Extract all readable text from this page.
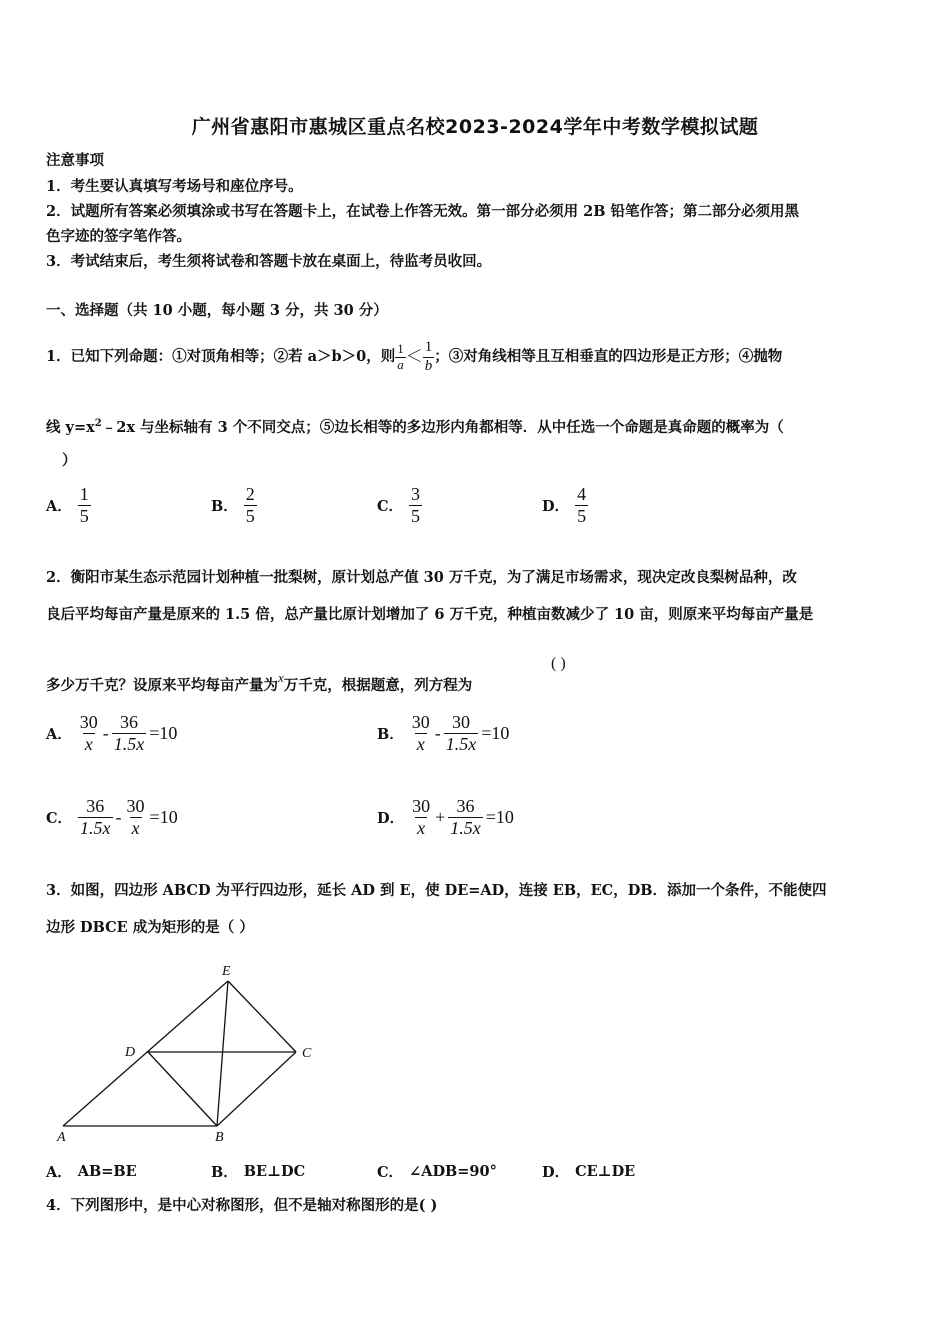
广州省惠阳市惠城区重点名校2023-2024学年中考数学模拟试题
注意事项
1．考生要认真填写考场号和座位序号。
2．试题所有答案必须填涂或书写在答题卡上，在试卷上作答无效。第一部分必须用 2B 铅笔作答；第二部分必须用黑
色字迹的签字笔作答。
3．考试结束后，考生须将试卷和答题卡放在桌面上，待监考员收回。
一、选择题（共 10 小题，每小题 3 分，共 30 分）
1．已知下列命题：①对顶角相等；②若 a＞b＞0，则 $\frac{1}{a} < \frac{1}{b}$ ；③对角线相等且互相垂直的四边形是正方形；④抛物
线 $y=x^2﹣2x$ 与坐标轴有 3 个不同交点；⑤边长相等的多边形内角都相等．从中任选一个命题是真命题的概率为（
）
A． $\frac{1}{5}$	B． $\frac{2}{5}$	C． $\frac{3}{5}$	D． $\frac{4}{5}$
2．衡阳市某生态示范园计划种植一批梨树，原计划总产值 30 万千克，为了满足市场需求，现决定改良梨树品种，改
良后平均每亩产量是原来的 1.5 倍，总产量比原计划增加了 6 万千克，种植亩数减少了 10 亩，则原来平均每亩产量是
多少万千克？设原来平均每亩产量为x万千克，根据题意，列方程为
( )
A． $\frac{30}{x} - \frac{36}{1.5x} =10$	B． $\frac{30}{x} - \frac{30}{1.5x} =10$
C． $\frac{36}{1.5x} - \frac{30}{x} =10$	D． $\frac{30}{x} + \frac{36}{1.5x} =10$
3．如图，四边形 ABCD 为平行四边形，延长 AD 到 E，使 DE=AD，连接 EB，EC，DB．添加一个条件，不能使四
边形 DBCE 成为矩形的是（ ）
E
D	C
A	B
A． AB=BE	B． BE⊥DC	C． ∠ADB=90°	D． CE⊥DE
4．下列图形中，是中心对称图形，但不是轴对称图形的是( )
